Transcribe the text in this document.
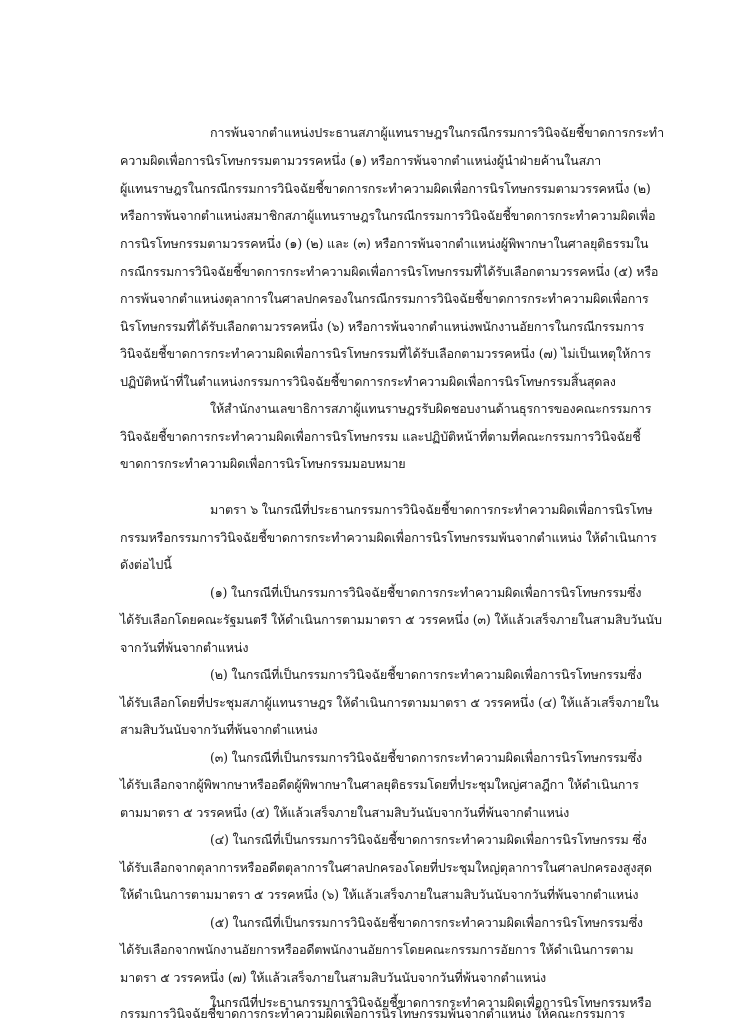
การพ้นจากตำแหน่งประธานสภาผู้แทนราษฎรในกรณีกรรมการวินิจฉัยชี้ขาดการกระทำ
ความผิดเพื่อการนิรโทษกรรมตามวรรคหนึ่ง (๑) หรือการพ้นจากตำแหน่งผู้นำฝ่ายค้านในสภา
ผู้แทนราษฎรในกรณีกรรมการวินิจฉัยชี้ขาดการกระทำความผิดเพื่อการนิรโทษกรรมตามวรรคหนึ่ง (๒)
หรือการพ้นจากตำแหน่งสมาชิกสภาผู้แทนราษฎรในกรณีกรรมการวินิจฉัยชี้ขาดการกระทำความผิดเพื่อ
การนิรโทษกรรมตามวรรคหนึ่ง (๑) (๒) และ (๓) หรือการพ้นจากตำแหน่งผู้พิพากษาในศาลยุติธรรมใน
กรณีกรรมการวินิจฉัยชี้ขาดการกระทำความผิดเพื่อการนิรโทษกรรมที่ได้รับเลือกตามวรรคหนึ่ง (๕) หรือ
การพ้นจากตำแหน่งตุลาการในศาลปกครองในกรณีกรรมการวินิจฉัยชี้ขาดการกระทำความผิดเพื่อการ
นิรโทษกรรมที่ได้รับเลือกตามวรรคหนึ่ง (๖) หรือการพ้นจากตำแหน่งพนักงานอัยการในกรณีกรรมการ
วินิจฉัยชี้ขาดการกระทำความผิดเพื่อการนิรโทษกรรมที่ได้รับเลือกตามวรรคหนึ่ง (๗) ไม่เป็นเหตุให้การ
ปฏิบัติหน้าที่ในตำแหน่งกรรมการวินิจฉัยชี้ขาดการกระทำความผิดเพื่อการนิรโทษกรรมสิ้นสุดลง
ให้สำนักงานเลขาธิการสภาผู้แทนราษฎรรับผิดชอบงานด้านธุรการของคณะกรรมการ
วินิจฉัยชี้ขาดการกระทำความผิดเพื่อการนิรโทษกรรม และปฏิบัติหน้าที่ตามที่คณะกรรมการวินิจฉัยชี้
ขาดการกระทำความผิดเพื่อการนิรโทษกรรมมอบหมาย
มาตรา ๖ ในกรณีที่ประธานกรรมการวินิจฉัยชี้ขาดการกระทำความผิดเพื่อการนิรโทษ
กรรมหรือกรรมการวินิจฉัยชี้ขาดการกระทำความผิดเพื่อการนิรโทษกรรมพ้นจากตำแหน่ง ให้ดำเนินการ
ดังต่อไปนี้
(๑) ในกรณีที่เป็นกรรมการวินิจฉัยชี้ขาดการกระทำความผิดเพื่อการนิรโทษกรรมซึ่ง
ได้รับเลือกโดยคณะรัฐมนตรี ให้ดำเนินการตามมาตรา ๕ วรรคหนึ่ง (๓) ให้แล้วเสร็จภายในสามสิบวันนับ
จากวันที่พ้นจากตำแหน่ง
(๒) ในกรณีที่เป็นกรรมการวินิจฉัยชี้ขาดการกระทำความผิดเพื่อการนิรโทษกรรมซึ่ง
ได้รับเลือกโดยที่ประชุมสภาผู้แทนราษฎร ให้ดำเนินการตามมาตรา ๕ วรรคหนึ่ง (๔) ให้แล้วเสร็จภายใน
สามสิบวันนับจากวันที่พ้นจากตำแหน่ง
(๓) ในกรณีที่เป็นกรรมการวินิจฉัยชี้ขาดการกระทำความผิดเพื่อการนิรโทษกรรมซึ่ง
ได้รับเลือกจากผู้พิพากษาหรืออดีตผู้พิพากษาในศาลยุติธรรมโดยที่ประชุมใหญ่ศาลฎีกา ให้ดำเนินการ
ตามมาตรา ๕ วรรคหนึ่ง (๕) ให้แล้วเสร็จภายในสามสิบวันนับจากวันที่พ้นจากตำแหน่ง
(๔) ในกรณีที่เป็นกรรมการวินิจฉัยชี้ขาดการกระทำความผิดเพื่อการนิรโทษกรรม ซึ่ง
ได้รับเลือกจากตุลาการหรืออดีตตุลาการในศาลปกครองโดยที่ประชุมใหญ่ตุลาการในศาลปกครองสูงสุด
ให้ดำเนินการตามมาตรา ๕ วรรคหนึ่ง (๖) ให้แล้วเสร็จภายในสามสิบวันนับจากวันที่พ้นจากตำแหน่ง
(๕) ในกรณีที่เป็นกรรมการวินิจฉัยชี้ขาดการกระทำความผิดเพื่อการนิรโทษกรรมซึ่ง
ได้รับเลือกจากพนักงานอัยการหรืออดีตพนักงานอัยการโดยคณะกรรมการอัยการ ให้ดำเนินการตาม
มาตรา ๕ วรรคหนึ่ง (๗) ให้แล้วเสร็จภายในสามสิบวันนับจากวันที่พ้นจากตำแหน่ง
ในกรณีที่ประธานกรรมการวินิจฉัยชี้ขาดการกระทำความผิดเพื่อการนิรโทษกรรมหรือ
กรรมการวินิจฉัยชี้ขาดการกระทำความผิดเพื่อการนิรโทษกรรมพ้นจากตำแหน่ง ให้คณะกรรมการ
